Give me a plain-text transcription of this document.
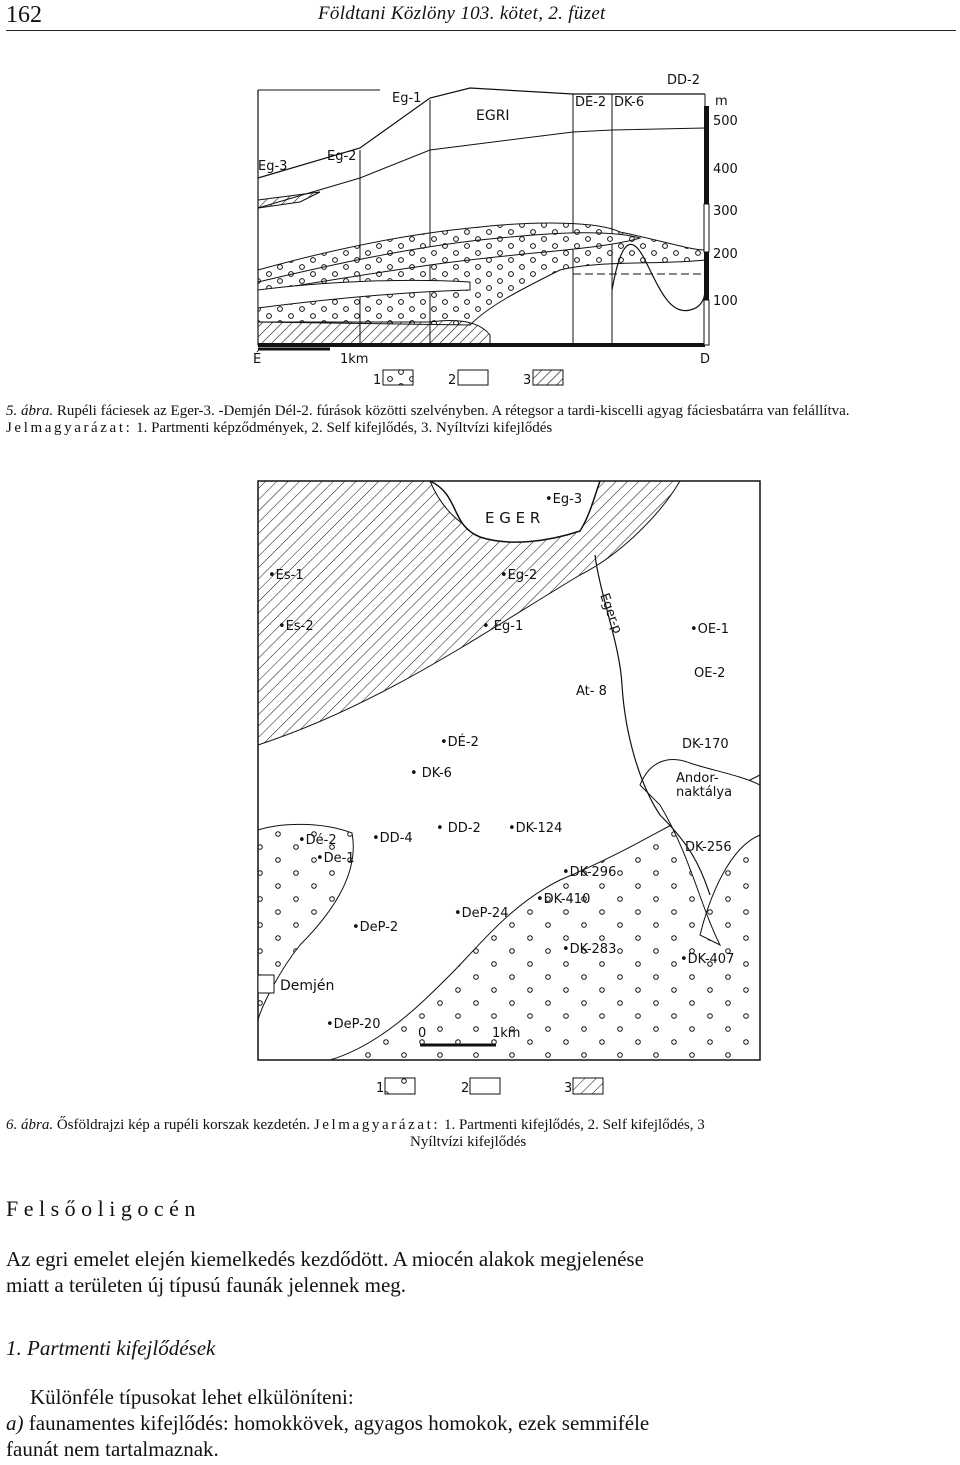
162	Földtani Közlöny 103. kötet, 2. füzet
Eg-3
Eg-2
Eg-1
EGRI
DÉ-2 DK-6
DD-2
m
500
400
300
200
100
É	D
1km
1	2	3
5. ábra. Rupéli fáciesek az Eger-3. -Demjén Dél-2. fúrások közötti szelvényben. A rétegsor a tardi-kiscelli agyag fáciesbatárra van felállítva. Jelmagyarázat: 1. Partmenti képződmények, 2. Self kifejlődés, 3. Nyíltvízi kifejlődés
•Eg-3
E G E R
•Es-1	•Eg-2
•Es-2	• Eg-1	•OE-1
OE-2
Eger-p
At- 8
•DÉ-2	DK-170
• DK-6	Andor-
naktálya
•Dé-2
•De-1
•DD-4
• DD-2 •DK-124
DK-256
•DK-296
•DK-410
•DeP-24
•DeP-2
•DK-283
•DK-407
Demjén
•DeP-20
0	1km
1	2	3
6. ábra. Ősföldrajzi kép a rupéli korszak kezdetén. Jelmagyarázat: 1. Partmenti kifejlődés, 2. Self kifejlődés, 3
Nyíltvízi kifejlődés
Felsőoligocén
Az egri emelet elején kiemelkedés kezdődött. A miocén alakok megjelenése
miatt a területen új típusú faunák jelennek meg.
1. Partmenti kifejlődések
Különféle típusokat lehet elkülöníteni:
a) faunamentes kifejlődés: homokkövek, agyagos homokok, ezek semmiféle
faunát nem tartalmaznak.
